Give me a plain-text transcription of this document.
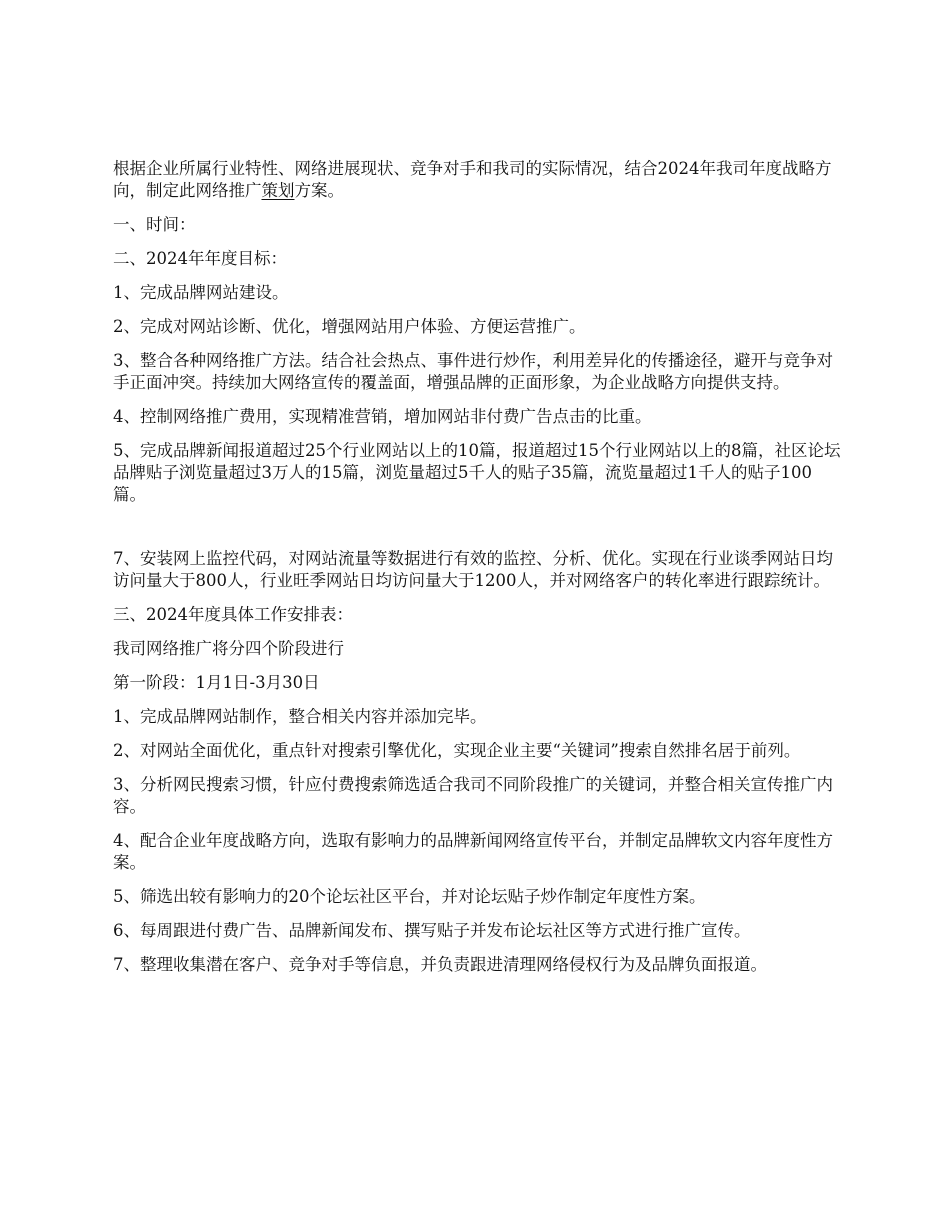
根据企业所属行业特性、网络进展现状、竞争对手和我司的实际情况，结合2024年我司年度战略方向，制定此网络推广策划方案。

一、时间：

二、2024年年度目标：

1、完成品牌网站建设。

2、完成对网站诊断、优化，增强网站用户体验、方便运营推广。

3、整合各种网络推广方法。结合社会热点、事件进行炒作，利用差异化的传播途径，避开与竞争对手正面冲突。持续加大网络宣传的覆盖面，增强品牌的正面形象，为企业战略方向提供支持。

4、控制网络推广费用，实现精准营销，增加网站非付费广告点击的比重。

5、完成品牌新闻报道超过25个行业网站以上的10篇，报道超过15个行业网站以上的8篇，社区论坛品牌贴子浏览量超过3万人的15篇，浏览量超过5千人的贴子35篇，流览量超过1千人的贴子100篇。

7、安装网上监控代码，对网站流量等数据进行有效的监控、分析、优化。实现在行业谈季网站日均访问量大于800人，行业旺季网站日均访问量大于1200人，并对网络客户的转化率进行跟踪统计。

三、2024年度具体工作安排表：

我司网络推广将分四个阶段进行

第一阶段：1月1日-3月30日

1、完成品牌网站制作，整合相关内容并添加完毕。

2、对网站全面优化，重点针对搜索引擎优化，实现企业主要“关键词”搜索自然排名居于前列。

3、分析网民搜索习惯，针应付费搜索筛选适合我司不同阶段推广的关键词，并整合相关宣传推广内容。

4、配合企业年度战略方向，选取有影响力的品牌新闻网络宣传平台，并制定品牌软文内容年度性方案。

5、筛选出较有影响力的20个论坛社区平台，并对论坛贴子炒作制定年度性方案。

6、每周跟进付费广告、品牌新闻发布、撰写贴子并发布论坛社区等方式进行推广宣传。

7、整理收集潜在客户、竞争对手等信息，并负责跟进清理网络侵权行为及品牌负面报道。
